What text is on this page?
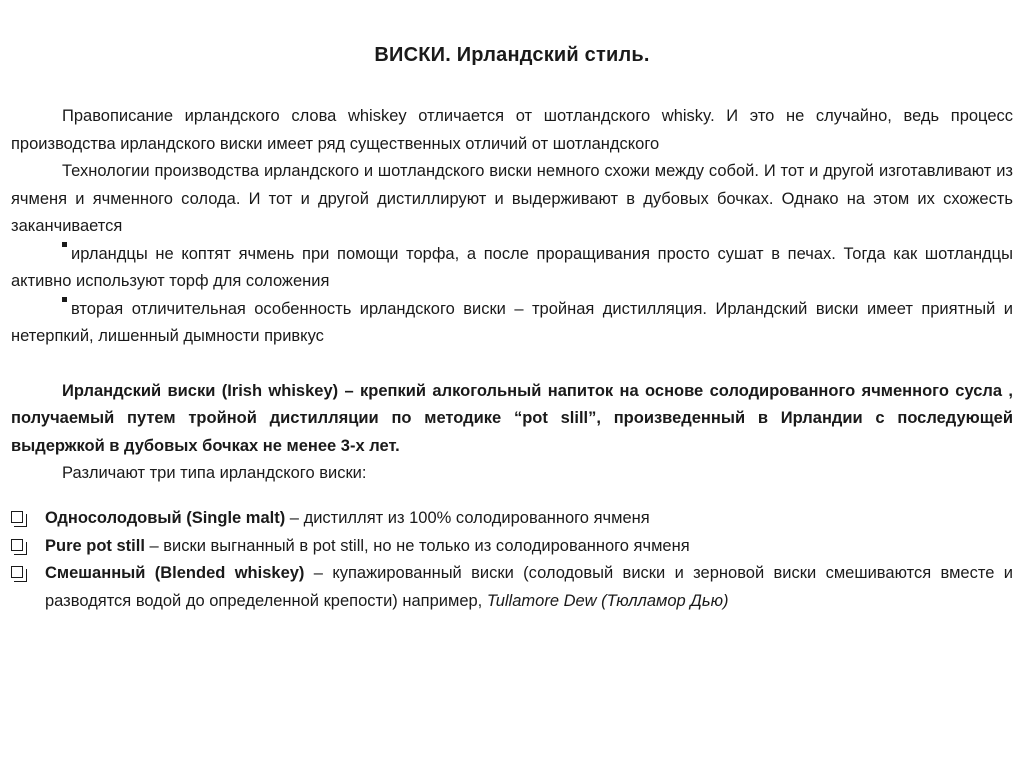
ВИСКИ. Ирландский стиль.

Правописание ирландского слова whiskey отличается от шотландского whisky. И это не случайно, ведь процесс производства ирландского виски имеет ряд существенных отличий от шотландского

Технологии производства ирландского и шотландского виски немного схожи между собой. И тот и другой изготавливают из ячменя и ячменного солода. И тот и другой дистиллируют и выдерживают в дубовых бочках. Однако на этом их схожесть заканчивается

ирландцы не коптят ячмень при помощи торфа, а после проращивания просто сушат в печах. Тогда как шотландцы активно используют торф для соложения

вторая отличительная особенность ирландского виски – тройная дистилляция. Ирландский виски имеет приятный и нетерпкий, лишенный дымности привкус

Ирландский виски (Irish whiskey) – крепкий алкогольный напиток на основе солодированного ячменного сусла , получаемый путем тройной дистилляции по методике “pot slill”, произведенный в Ирландии с последующей выдержкой в дубовых бочках не менее 3-х лет.

Различают три типа ирландского виски:

Односолодовый (Single malt) – дистиллят из 100% солодированного ячменя
Pure pot still – виски выгнанный в pot still, но не только из солодированного ячменя
Смешанный (Blended whiskey) – купажированный виски (солодовый виски и зерновой виски смешиваются вместе и разводятся водой до определенной крепости) например, Tullamore Dew (Тюлламор Дью)
